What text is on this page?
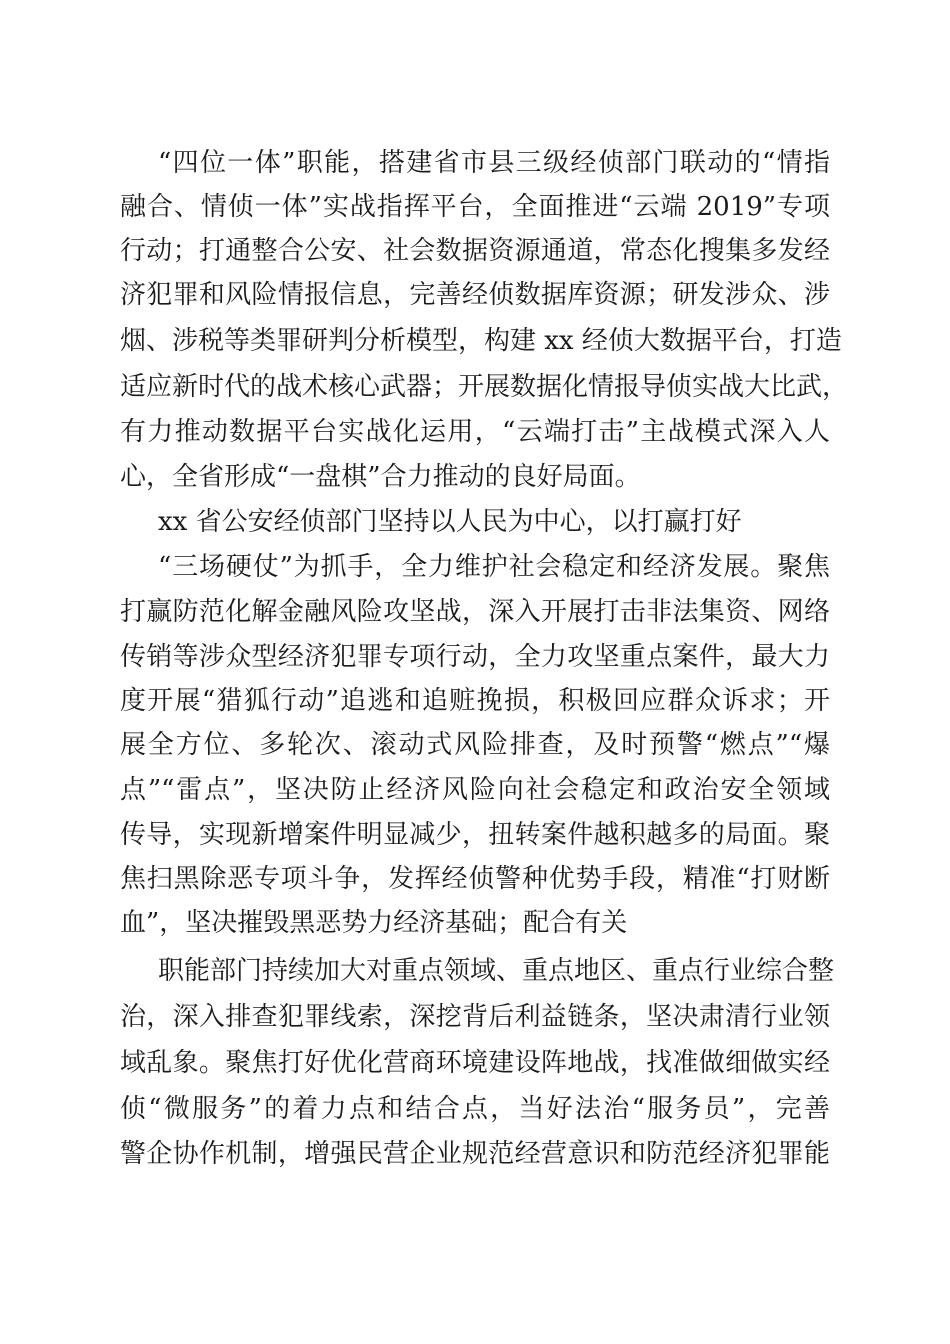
“四位一体”职能，搭建省市县三级经侦部门联动的“情指
融合、情侦一体”实战指挥平台，全面推进“云端 2019”专项
行动；打通整合公安、社会数据资源通道，常态化搜集多发经
济犯罪和风险情报信息，完善经侦数据库资源；研发涉众、涉
烟、涉税等类罪研判分析模型，构建 xx 经侦大数据平台，打造
适应新时代的战术核心武器；开展数据化情报导侦实战大比武，
有力推动数据平台实战化运用，“云端打击”主战模式深入人
心，全省形成“一盘棋”合力推动的良好局面。
xx 省公安经侦部门坚持以人民为中心，以打赢打好
“三场硬仗”为抓手，全力维护社会稳定和经济发展。聚焦
打赢防范化解金融风险攻坚战，深入开展打击非法集资、网络
传销等涉众型经济犯罪专项行动，全力攻坚重点案件，最大力
度开展“猎狐行动”追逃和追赃挽损，积极回应群众诉求；开
展全方位、多轮次、滚动式风险排查，及时预警“燃点”“爆
点”“雷点”，坚决防止经济风险向社会稳定和政治安全领域
传导，实现新增案件明显减少，扭转案件越积越多的局面。聚
焦扫黑除恶专项斗争，发挥经侦警种优势手段，精准“打财断
血”，坚决摧毁黑恶势力经济基础；配合有关
职能部门持续加大对重点领域、重点地区、重点行业综合整
治，深入排查犯罪线索，深挖背后利益链条，坚决肃清行业领
域乱象。聚焦打好优化营商环境建设阵地战，找准做细做实经
侦“微服务”的着力点和结合点，当好法治“服务员”，完善
警企协作机制，增强民营企业规范经营意识和防范经济犯罪能
